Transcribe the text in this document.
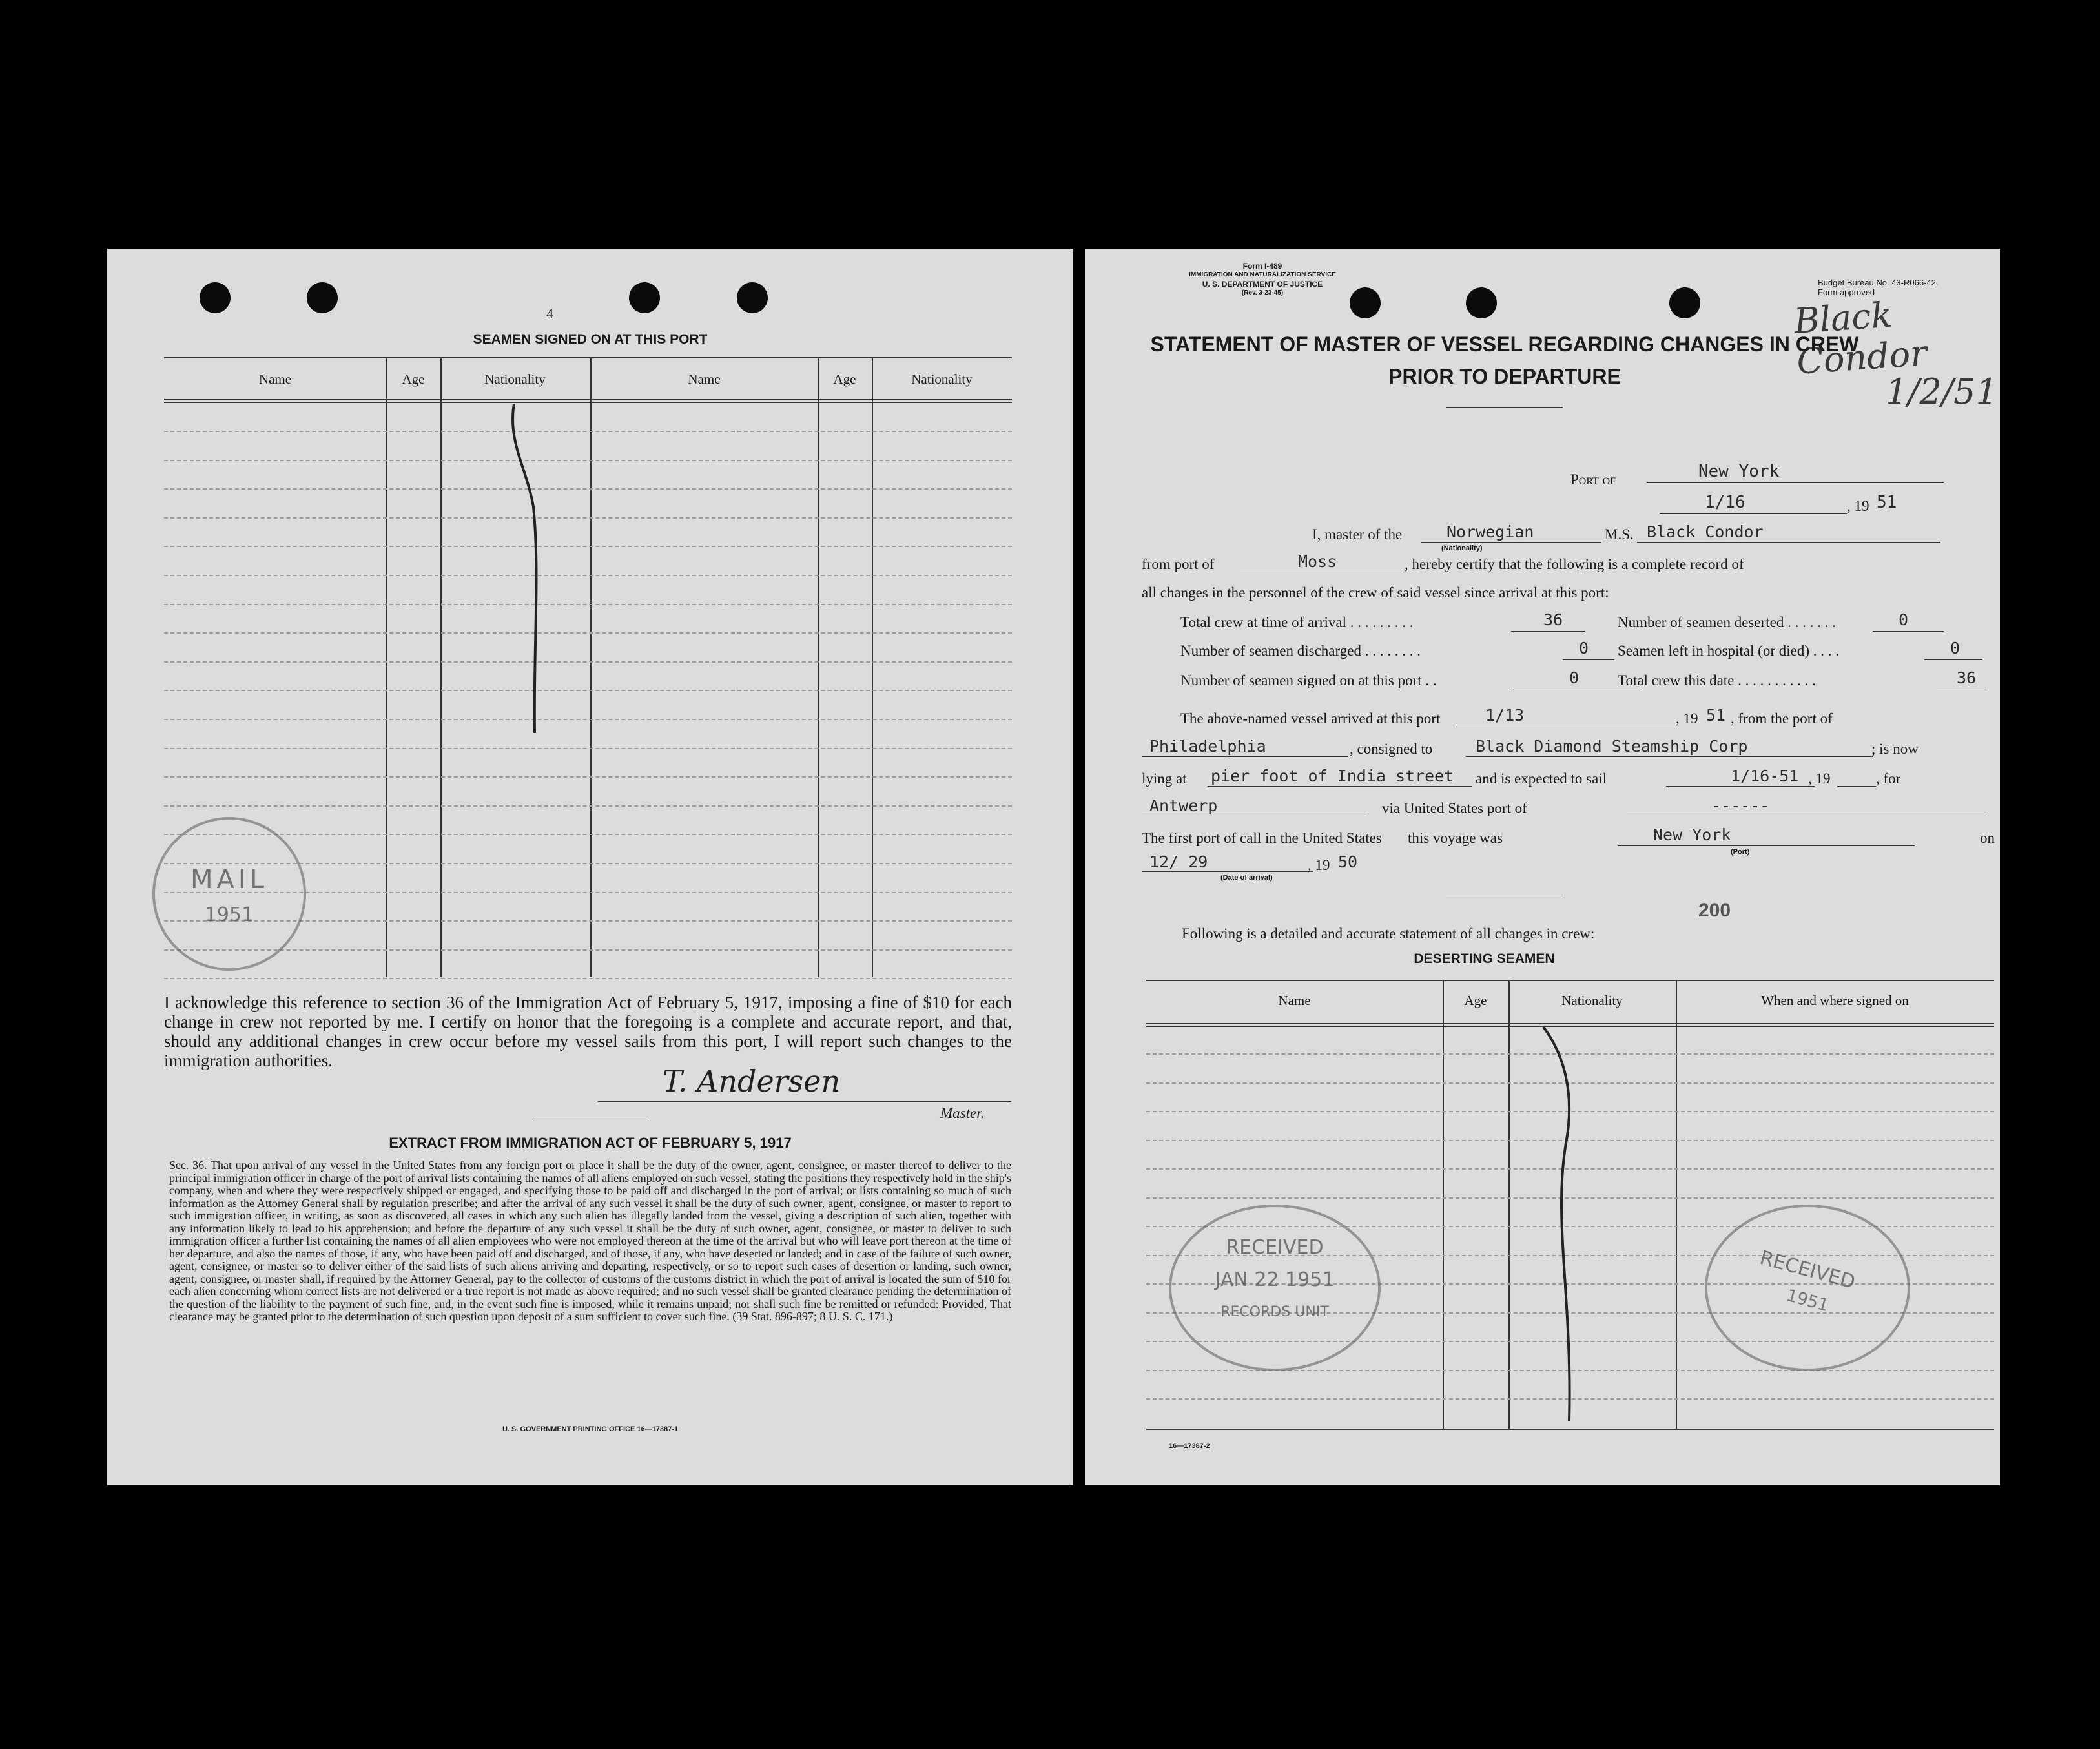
4
SEAMEN SIGNED ON AT THIS PORT
Name	Age	Nationality	Name	Age	Nationality
MAIL
1951
I acknowledge this reference to section 36 of the Immigration Act of February 5, 1917, imposing a fine of $10 for each change in crew not reported by me. I certify on honor that the foregoing is a complete and accurate report, and that, should any additional changes in crew occur before my vessel sails from this port, I will report such changes to the immigration authorities.
T. Andersen
Master.
EXTRACT FROM IMMIGRATION ACT OF FEBRUARY 5, 1917
Sec. 36. That upon arrival of any vessel in the United States from any foreign port or place it shall be the duty of the owner, agent, consignee, or master thereof to deliver to the principal immigration officer in charge of the port of arrival lists containing the names of all aliens employed on such vessel, stating the positions they respectively hold in the ship's company, when and where they were respectively shipped or engaged, and specifying those to be paid off and discharged in the port of arrival; or lists containing so much of such information as the Attorney General shall by regulation prescribe; and after the arrival of any such vessel it shall be the duty of such owner, agent, consignee, or master to report to such immigration officer, in writing, as soon as discovered, all cases in which any such alien has illegally landed from the vessel, giving a description of such alien, together with any information likely to lead to his apprehension; and before the departure of any such vessel it shall be the duty of such owner, agent, consignee, or master to deliver to such immigration officer a further list containing the names of all alien employees who were not employed thereon at the time of the arrival but who will leave port thereon at the time of her departure, and also the names of those, if any, who have been paid off and discharged, and of those, if any, who have deserted or landed; and in case of the failure of such owner, agent, consignee, or master so to deliver either of the said lists of such aliens arriving and departing, respectively, or so to report such cases of desertion or landing, such owner, agent, consignee, or master shall, if required by the Attorney General, pay to the collector of customs of the customs district in which the port of arrival is located the sum of $10 for each alien concerning whom correct lists are not delivered or a true report is not made as above required; and no such vessel shall be granted clearance pending the determination of the question of the liability to the payment of such fine, and, in the event such fine is imposed, while it remains unpaid; nor shall such fine be remitted or refunded: Provided, That clearance may be granted prior to the determination of such question upon deposit of a sum sufficient to cover such fine. (39 Stat. 896-897; 8 U. S. C. 171.)
U. S. GOVERNMENT PRINTING OFFICE 16—17387-1
Form I-489
IMMIGRATION AND NATURALIZATION SERVICE
U. S. DEPARTMENT OF JUSTICE
(Rev. 3-23-45)
Budget Bureau No. 43-R066-42.
Form approved
Black Condor
1/2/51
STATEMENT OF MASTER OF VESSEL REGARDING CHANGES IN CREW
PRIOR TO DEPARTURE
Port of	New York
1/16	, 19 51
I, master of the	Norwegian
(Nationality)
M.S. Black Condor
from port of	Moss	, hereby certify that the following is a complete record of
all changes in the personnel of the crew of said vessel since arrival at this port:
Total crew at time of arrival . . . . . . . . .	36	Number of seamen deserted . . . . . . .	0
Number of seamen discharged . . . . . . . .	0 Seamen left in hospital (or died) . . . .	0
Number of seamen signed on at this port . .	0	Total crew this date . . . . . . . . . . .	36
The above-named vessel arrived at this port	1/13	, 19 51 , from the port of
Philadelphia	, consigned to	Black Diamond Steamship Corp	; is now
lying at pier foot of India street and is expected to sail	1/16-51 , 19	, for
Antwerp	via United States port of	------
The first port of call in the United States this voyage was	New York
(Port)
on
12/ 29
(Date of arrival)
, 19 50
200
Following is a detailed and accurate statement of all changes in crew:
DESERTING SEAMEN
Name	Age	Nationality	When and where signed on
RECEIVED
JAN 22 1951
RECORDS UNIT
RECEIVED
1951
16—17387-2
